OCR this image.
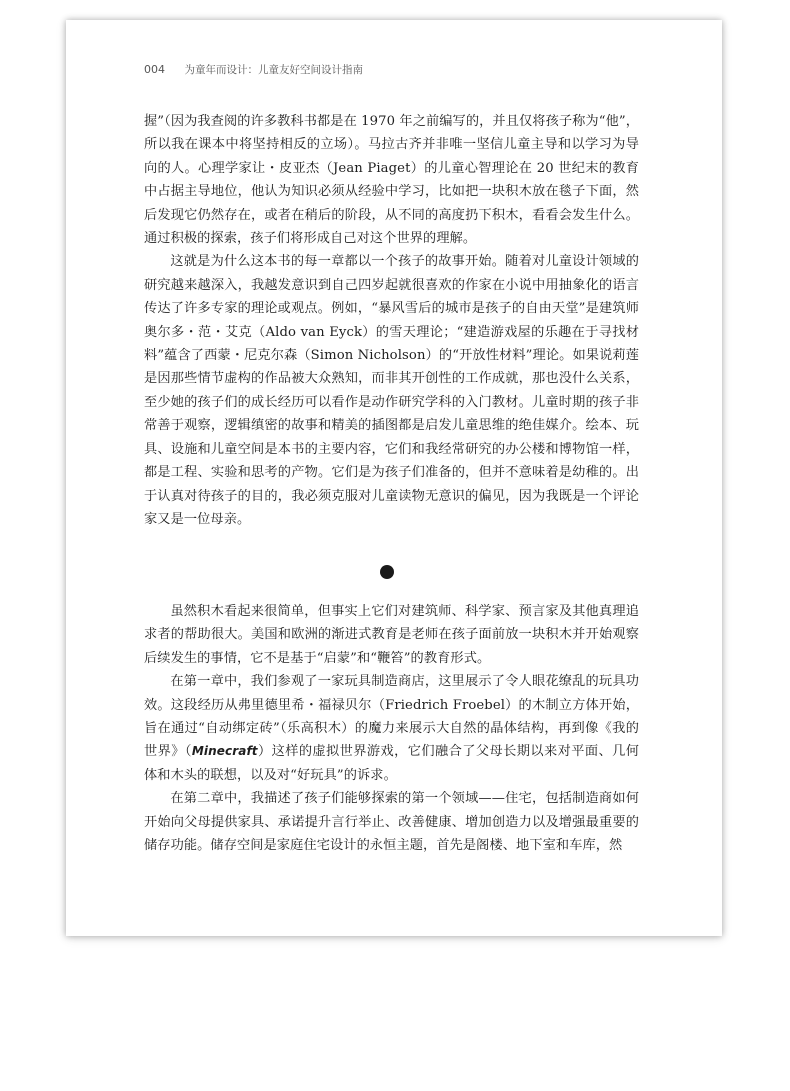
004 为童年而设计：儿童友好空间设计指南

握”（因为我查阅的许多教科书都是在 1970 年之前编写的，并且仅将孩子称为“他”，所以我在课本中将坚持相反的立场）。马拉古齐并非唯一坚信儿童主导和以学习为导向的人。心理学家让・皮亚杰（Jean Piaget）的儿童心智理论在 20 世纪末的教育中占据主导地位，他认为知识必须从经验中学习，比如把一块积木放在毯子下面，然后发现它仍然存在，或者在稍后的阶段，从不同的高度扔下积木，看看会发生什么。通过积极的探索，孩子们将形成自己对这个世界的理解。

这就是为什么这本书的每一章都以一个孩子的故事开始。随着对儿童设计领域的研究越来越深入，我越发意识到自己四岁起就很喜欢的作家在小说中用抽象化的语言传达了许多专家的理论或观点。例如，“暴风雪后的城市是孩子的自由天堂”是建筑师奥尔多・范・艾克（Aldo van Eyck）的雪天理论；“建造游戏屋的乐趣在于寻找材料”蕴含了西蒙・尼克尔森（Simon Nicholson）的“开放性材料”理论。如果说莉莲是因那些情节虚构的作品被大众熟知，而非其开创性的工作成就，那也没什么关系，至少她的孩子们的成长经历可以看作是动作研究学科的入门教材。儿童时期的孩子非常善于观察，逻辑缜密的故事和精美的插图都是启发儿童思维的绝佳媒介。绘本、玩具、设施和儿童空间是本书的主要内容，它们和我经常研究的办公楼和博物馆一样，都是工程、实验和思考的产物。它们是为孩子们准备的，但并不意味着是幼稚的。出于认真对待孩子的目的，我必须克服对儿童读物无意识的偏见，因为我既是一个评论家又是一位母亲。

虽然积木看起来很简单，但事实上它们对建筑师、科学家、预言家及其他真理追求者的帮助很大。美国和欧洲的渐进式教育是老师在孩子面前放一块积木并开始观察后续发生的事情，它不是基于“启蒙”和“鞭笞”的教育形式。

在第一章中，我们参观了一家玩具制造商店，这里展示了令人眼花缭乱的玩具功效。这段经历从弗里德里希・福禄贝尔（Friedrich Froebel）的木制立方体开始，旨在通过“自动绑定砖”（乐高积木）的魔力来展示大自然的晶体结构，再到像《我的世界》（Minecraft）这样的虚拟世界游戏，它们融合了父母长期以来对平面、几何体和木头的联想，以及对“好玩具”的诉求。

在第二章中，我描述了孩子们能够探索的第一个领域——住宅，包括制造商如何开始向父母提供家具、承诺提升言行举止、改善健康、增加创造力以及增强最重要的储存功能。储存空间是家庭住宅设计的永恒主题，首先是阁楼、地下室和车库，然
